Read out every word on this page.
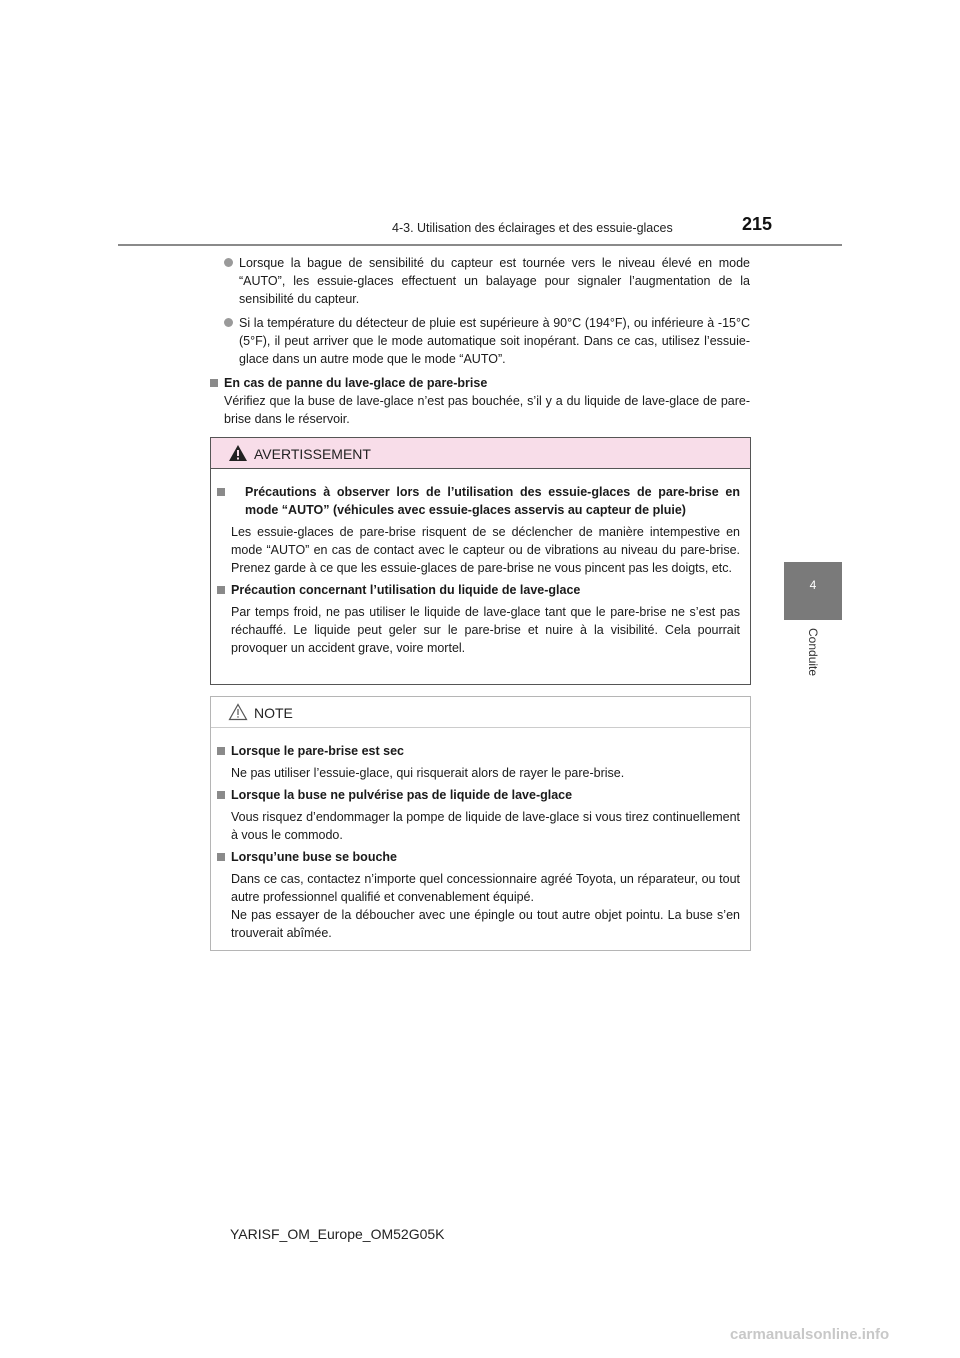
4-3. Utilisation des éclairages et des essuie-glaces	215
4
Conduite
Lorsque la bague de sensibilité du capteur est tournée vers le niveau élevé en mode “AUTO”, les essuie-glaces effectuent un balayage pour signaler l’augmentation de la sensibilité du capteur.
Si la température du détecteur de pluie est supérieure à 90°C (194°F), ou inférieure à -15°C (5°F), il peut arriver que le mode automatique soit inopérant. Dans ce cas, utilisez l’essuie-glace dans un autre mode que le mode “AUTO”.
En cas de panne du lave-glace de pare-brise
Vérifiez que la buse de lave-glace n’est pas bouchée, s’il y a du liquide de lave-glace de pare-brise dans le réservoir.
AVERTISSEMENT
Précautions à observer lors de l’utilisation des essuie-glaces de pare-brise en mode “AUTO” (véhicules avec essuie-glaces asservis au capteur de pluie)
Les essuie-glaces de pare-brise risquent de se déclencher de manière intempestive en mode “AUTO” en cas de contact avec le capteur ou de vibrations au niveau du pare-brise. Prenez garde à ce que les essuie-glaces de pare-brise ne vous pincent pas les doigts, etc.
Précaution concernant l’utilisation du liquide de lave-glace
Par temps froid, ne pas utiliser le liquide de lave-glace tant que le pare-brise ne s’est pas réchauffé. Le liquide peut geler sur le pare-brise et nuire à la visibilité. Cela pourrait provoquer un accident grave, voire mortel.
NOTE
Lorsque le pare-brise est sec
Ne pas utiliser l’essuie-glace, qui risquerait alors de rayer le pare-brise.
Lorsque la buse ne pulvérise pas de liquide de lave-glace
Vous risquez d’endommager la pompe de liquide de lave-glace si vous tirez continuellement à vous le commodo.
Lorsqu’une buse se bouche
Dans ce cas, contactez n’importe quel concessionnaire agréé Toyota, un réparateur, ou tout autre professionnel qualifié et convenablement équipé.
Ne pas essayer de la déboucher avec une épingle ou tout autre objet pointu. La buse s’en trouverait abîmée.
YARISF_OM_Europe_OM52G05K
carmanualsonline.info
